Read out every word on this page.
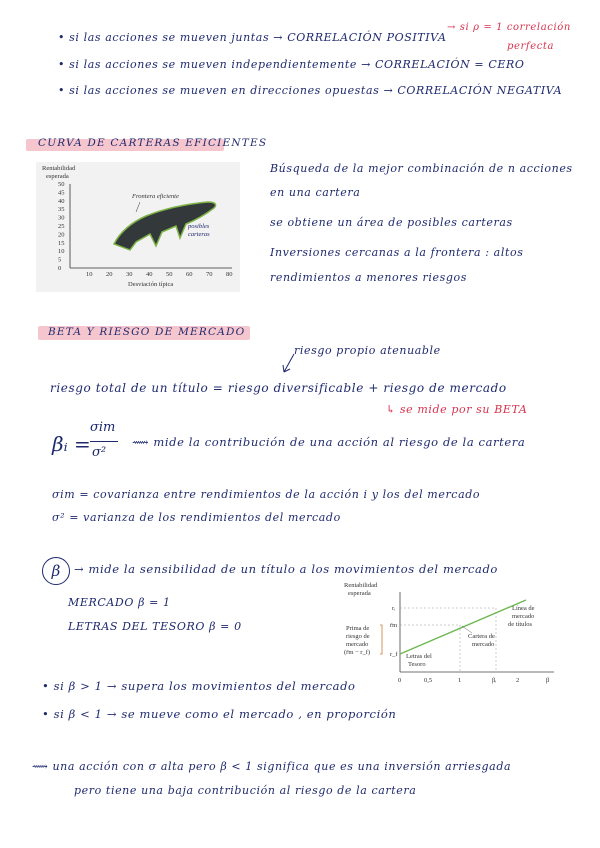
• si las acciones se mueven juntas → CORRELACIÓN POSITIVA
→ si ρ = 1 correlación
perfecta
• si las acciones se mueven independientemente → CORRELACIÓN = CERO
• si las acciones se mueven en direcciones opuestas → CORRELACIÓN NEGATIVA
CURVA DE CARTERAS EFICIENTES
Rentabilidad
esperada
0
5
10
15
20
25
30
35
40
45
50
10 20 30 40 50 60 70 80
Frontera eficiente
posibles
carteras
Desviación típica
Búsqueda de la mejor combinación de n acciones
en una cartera
se obtiene un área de posibles carteras
Inversiones cercanas a la frontera : altos
rendimientos a menores riesgos
BETA Y RIESGO DE MERCADO
riesgo propio atenuable
riesgo total de un título = riesgo diversificable + riesgo de mercado
↳ se mide por su BETA
βᵢ =
σim
σ²
⟿ mide la contribución de una acción al riesgo de la cartera
σim = covarianza entre rendimientos de la acción i y los del mercado
σ² = varianza de los rendimientos del mercado
β	→ mide la sensibilidad de un título a los movimientos del mercado
MERCADO β = 1
LETRAS DEL TESORO β = 0
Rentabilidad
esperada
rᵢ
r̄m
r_f
Prima de
riesgo de
mercado
(r̄m − r_f)
Línea de
mercado
de títulos
Cartera de
mercado
Letras del
Tesoro
0	0,5	1	βᵢ	2	β
• si β > 1 → supera los movimientos del mercado
• si β < 1 → se mueve como el mercado , en proporción
⟿ una acción con σ alta pero β < 1 significa que es una inversión arriesgada
pero tiene una baja contribución al riesgo de la cartera
